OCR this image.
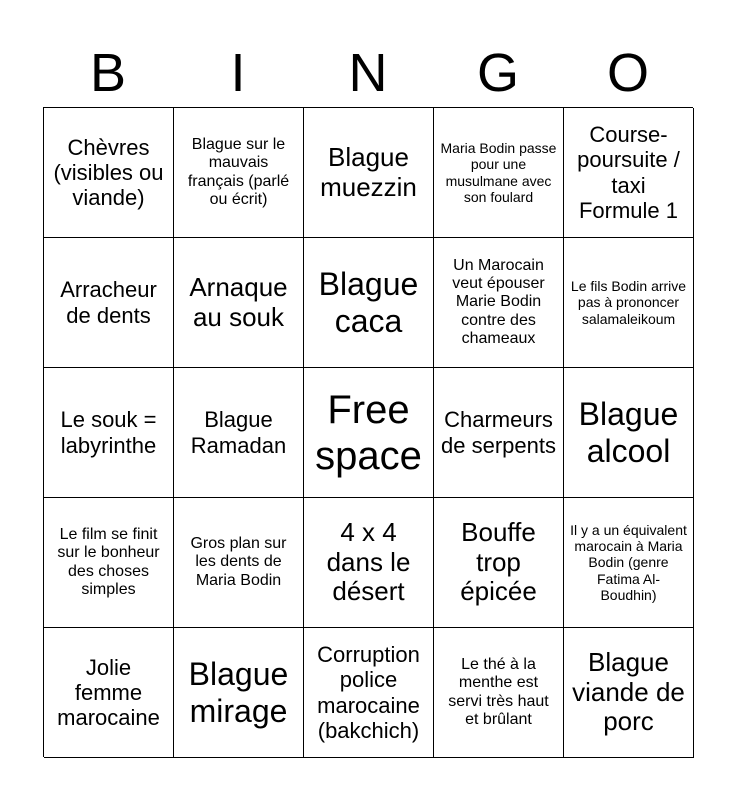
B	I	N	G	O
Chèvres (visibles ou viande)
Blague sur le mauvais français (parlé ou écrit)
Blague muezzin
Maria Bodin passe pour une musulmane avec son foulard
Course-poursuite / taxi Formule 1
Arracheur de dents
Arnaque au souk
Blague caca
Un Marocain veut épouser Marie Bodin contre des chameaux
Le fils Bodin arrive pas à prononcer salamaleikoum
Le souk = labyrinthe
Blague Ramadan
Free space
Charmeurs de serpents
Blague alcool
Le film se finit sur le bonheur des choses simples
Gros plan sur les dents de Maria Bodin
4 x 4 dans le désert
Bouffe trop épicée
Il y a un équivalent marocain à Maria Bodin (genre Fatima Al-Boudhin)
Jolie femme marocaine
Blague mirage
Corruption police marocaine (bakchich)
Le thé à la menthe est servi très haut et brûlant
Blague viande de porc
